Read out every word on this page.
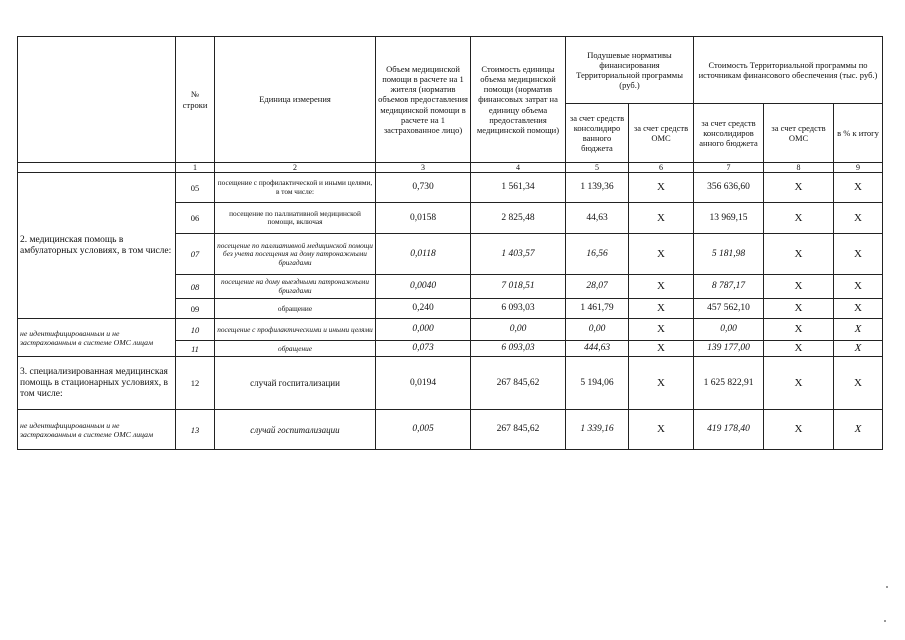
	№ строки	Единица измерения	Объем медицинской помощи в расчете на 1 жителя (норматив объемов предоставления медицинской помощи в расчете на 1 застрахованное лицо)	Стоимость единицы объема медицинской помощи (норматив финансовых затрат на единицу объема предоставления медицинской помощи)	Подушевые нормативы финансирования Территориальной программы (руб.)		Стоимость Территориальной программы по источникам финансового обеспечения (тыс. руб.)		
					за счет средств консолидиро ванного бюджета	за счет средств ОМС	за счет средств консолидиров анного бюджета	за счет средств ОМС	в % к итогу
	1	2	3	4	5	6	7	8	9
2. медицинская помощь в амбулаторных условиях, в том числе:	05	посещение с профилактической и иными целями, в том числе:	0,730	1 561,34	1 139,36	X	356 636,60	X	X
	06	посещение по паллиативной медицинской помощи, включая	0,0158	2 825,48	44,63	X	13 969,15	X	X
	07	посещение по паллиативной медицинской помощи без учета посещения на дому патронажными бригадами	0,0118	1 403,57	16,56	X	5 181,98	X	X
	08	посещение на дому выездными патронажными бригадами	0,0040	7 018,51	28,07	X	8 787,17	X	X
	09	обращение	0,240	6 093,03	1 461,79	X	457 562,10	X	X
не идентифицированным и не застрахованным в системе ОМС лицам	10	посещение с профилактическими и иными целями	0,000	0,00	0,00	X	0,00	X	X
	11	обращение	0,073	6 093,03	444,63	X	139 177,00	X	X
3. специализированная медицинская помощь в стационарных условиях, в том числе:	12	случай госпитализации	0,0194	267 845,62	5 194,06	X	1 625 822,91	X	X
не идентифицированным и не застрахованным в системе ОМС лицам	13	случай госпитализации	0,005	267 845,62	1 339,16	X	419 178,40	X	X
